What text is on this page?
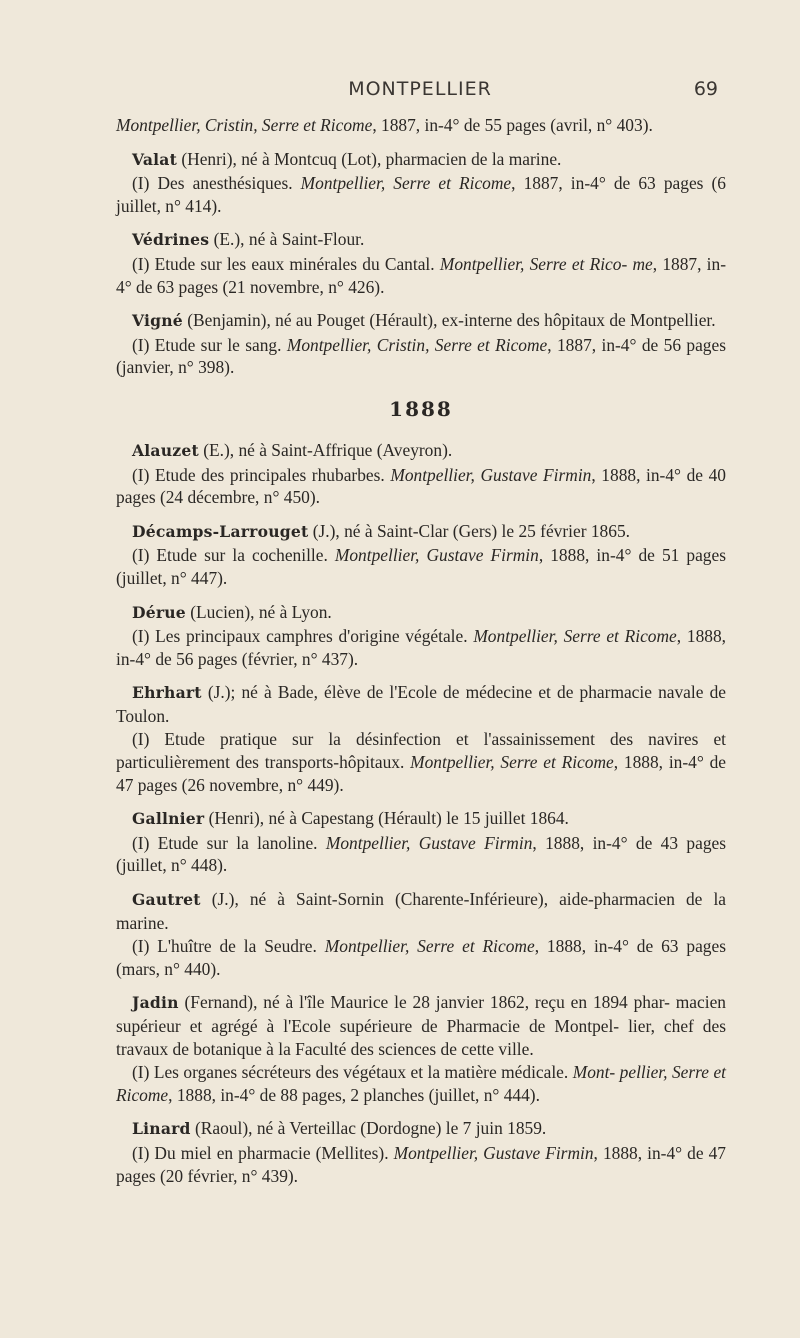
MONTPELLIER	69

Montpellier, Cristin, Serre et Ricome, 1887, in-4° de 55 pages (avril, n° 403).

Valat (Henri), né à Montcuq (Lot), pharmacien de la marine.

(I) Des anesthésiques. Montpellier, Serre et Ricome, 1887, in-4° de 63 pages (6 juillet, n° 414).

Védrines (E.), né à Saint-Flour.

(I) Etude sur les eaux minérales du Cantal. Montpellier, Serre et Rico- me, 1887, in-4° de 63 pages (21 novembre, n° 426).

Vigné (Benjamin), né au Pouget (Hérault), ex-interne des hôpitaux de Montpellier.

(I) Etude sur le sang. Montpellier, Cristin, Serre et Ricome, 1887, in-4° de 56 pages (janvier, n° 398).

1888

Alauzet (E.), né à Saint-Affrique (Aveyron).

(I) Etude des principales rhubarbes. Montpellier, Gustave Firmin, 1888, in-4° de 40 pages (24 décembre, n° 450).

Décamps-Larrouget (J.), né à Saint-Clar (Gers) le 25 février 1865.

(I) Etude sur la cochenille. Montpellier, Gustave Firmin, 1888, in-4° de 51 pages (juillet, n° 447).

Dérue (Lucien), né à Lyon.

(I) Les principaux camphres d'origine végétale. Montpellier, Serre et Ricome, 1888, in-4° de 56 pages (février, n° 437).

Ehrhart (J.); né à Bade, élève de l'Ecole de médecine et de pharmacie navale de Toulon.

(I) Etude pratique sur la désinfection et l'assainissement des navires et particulièrement des transports-hôpitaux. Montpellier, Serre et Ricome, 1888, in-4° de 47 pages (26 novembre, n° 449).

Gallnier (Henri), né à Capestang (Hérault) le 15 juillet 1864.

(I) Etude sur la lanoline. Montpellier, Gustave Firmin, 1888, in-4° de 43 pages (juillet, n° 448).

Gautret (J.), né à Saint-Sornin (Charente-Inférieure), aide-pharmacien de la marine.

(I) L'huître de la Seudre. Montpellier, Serre et Ricome, 1888, in-4° de 63 pages (mars, n° 440).

Jadin (Fernand), né à l'île Maurice le 28 janvier 1862, reçu en 1894 phar- macien supérieur et agrégé à l'Ecole supérieure de Pharmacie de Montpel- lier, chef des travaux de botanique à la Faculté des sciences de cette ville.

(I) Les organes sécréteurs des végétaux et la matière médicale. Mont- pellier, Serre et Ricome, 1888, in-4° de 88 pages, 2 planches (juillet, n° 444).

Linard (Raoul), né à Verteillac (Dordogne) le 7 juin 1859.

(I) Du miel en pharmacie (Mellites). Montpellier, Gustave Firmin, 1888, in-4° de 47 pages (20 février, n° 439).
